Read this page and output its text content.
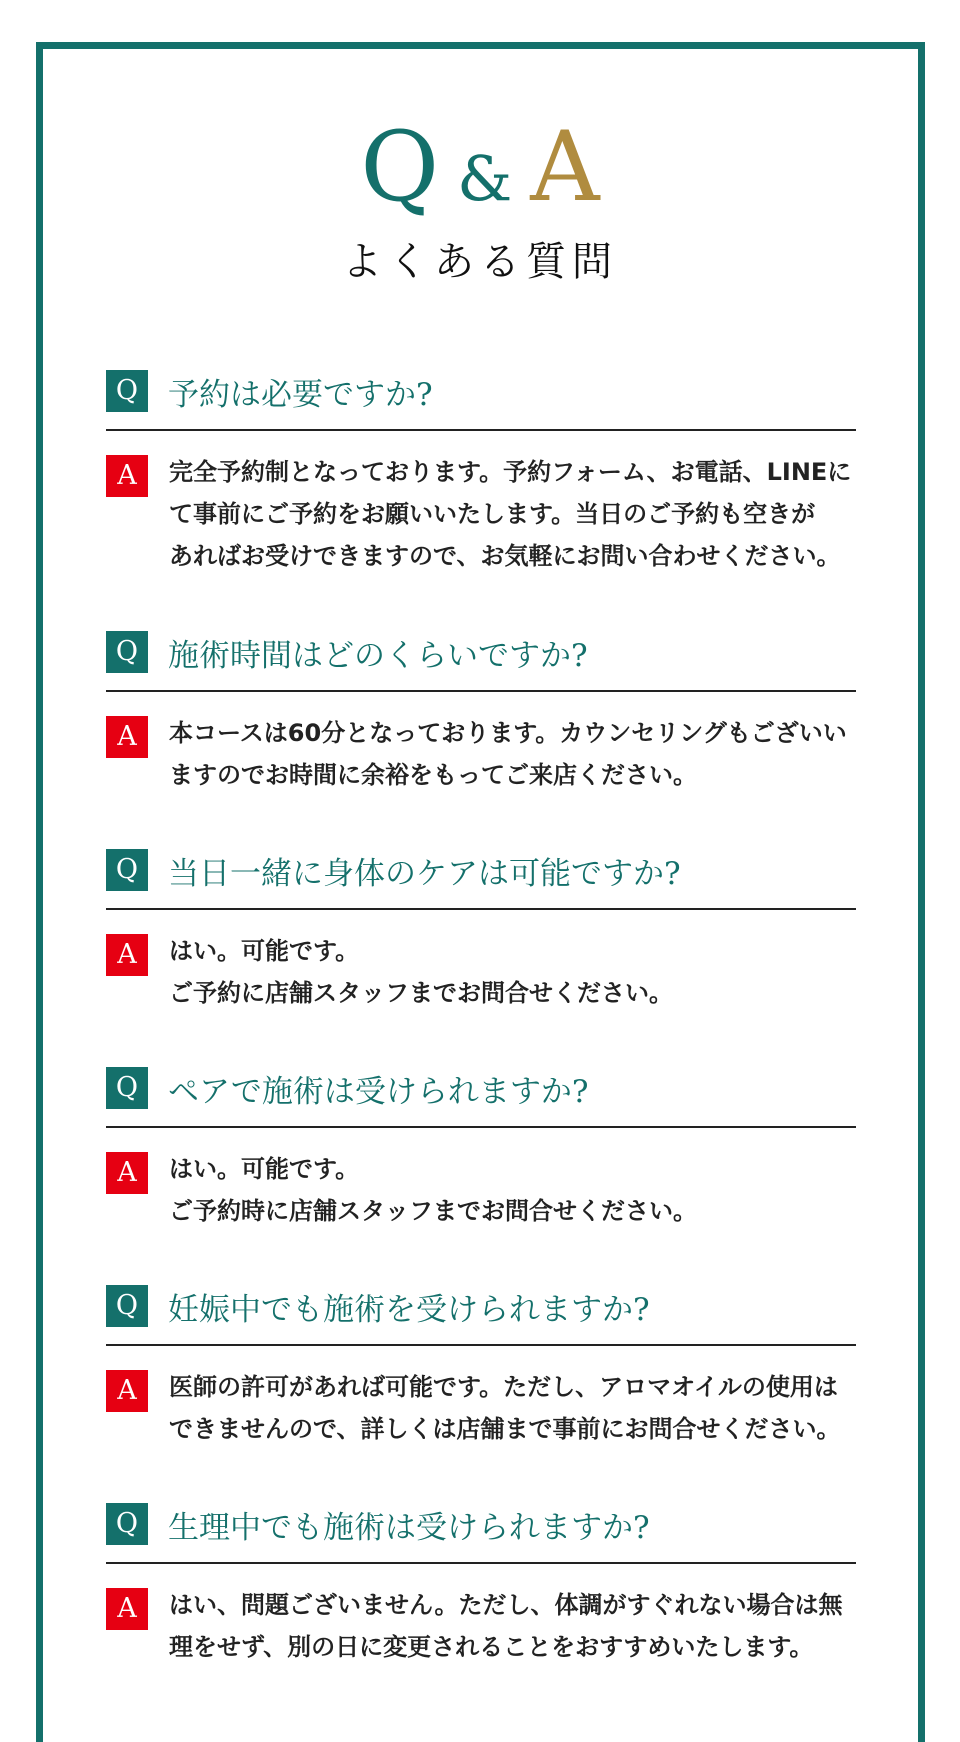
Q & A
よくある質問
Q 予約は必要ですか?
A	完全予約制となっております。予約フォーム、お電話、LINEに
て事前にご予約をお願いいたします。当日のご予約も空きが
あればお受けできますので、お気軽にお問い合わせください。
Q 施術時間はどのくらいですか?
A	本コースは60分となっております。カウンセリングもございい
ますのでお時間に余裕をもってご来店ください。
Q 当日一緒に身体のケアは可能ですか?
A	はい。可能です。
ご予約に店舗スタッフまでお問合せください。
Q ペアで施術は受けられますか?
A	はい。可能です。
ご予約時に店舗スタッフまでお問合せください。
Q 妊娠中でも施術を受けられますか?
A	医師の許可があれば可能です。ただし、アロマオイルの使用は
できませんので、詳しくは店舗まで事前にお問合せください。
Q 生理中でも施術は受けられますか?
A	はい、問題ございません。ただし、体調がすぐれない場合は無
理をせず、別の日に変更されることをおすすめいたします。
